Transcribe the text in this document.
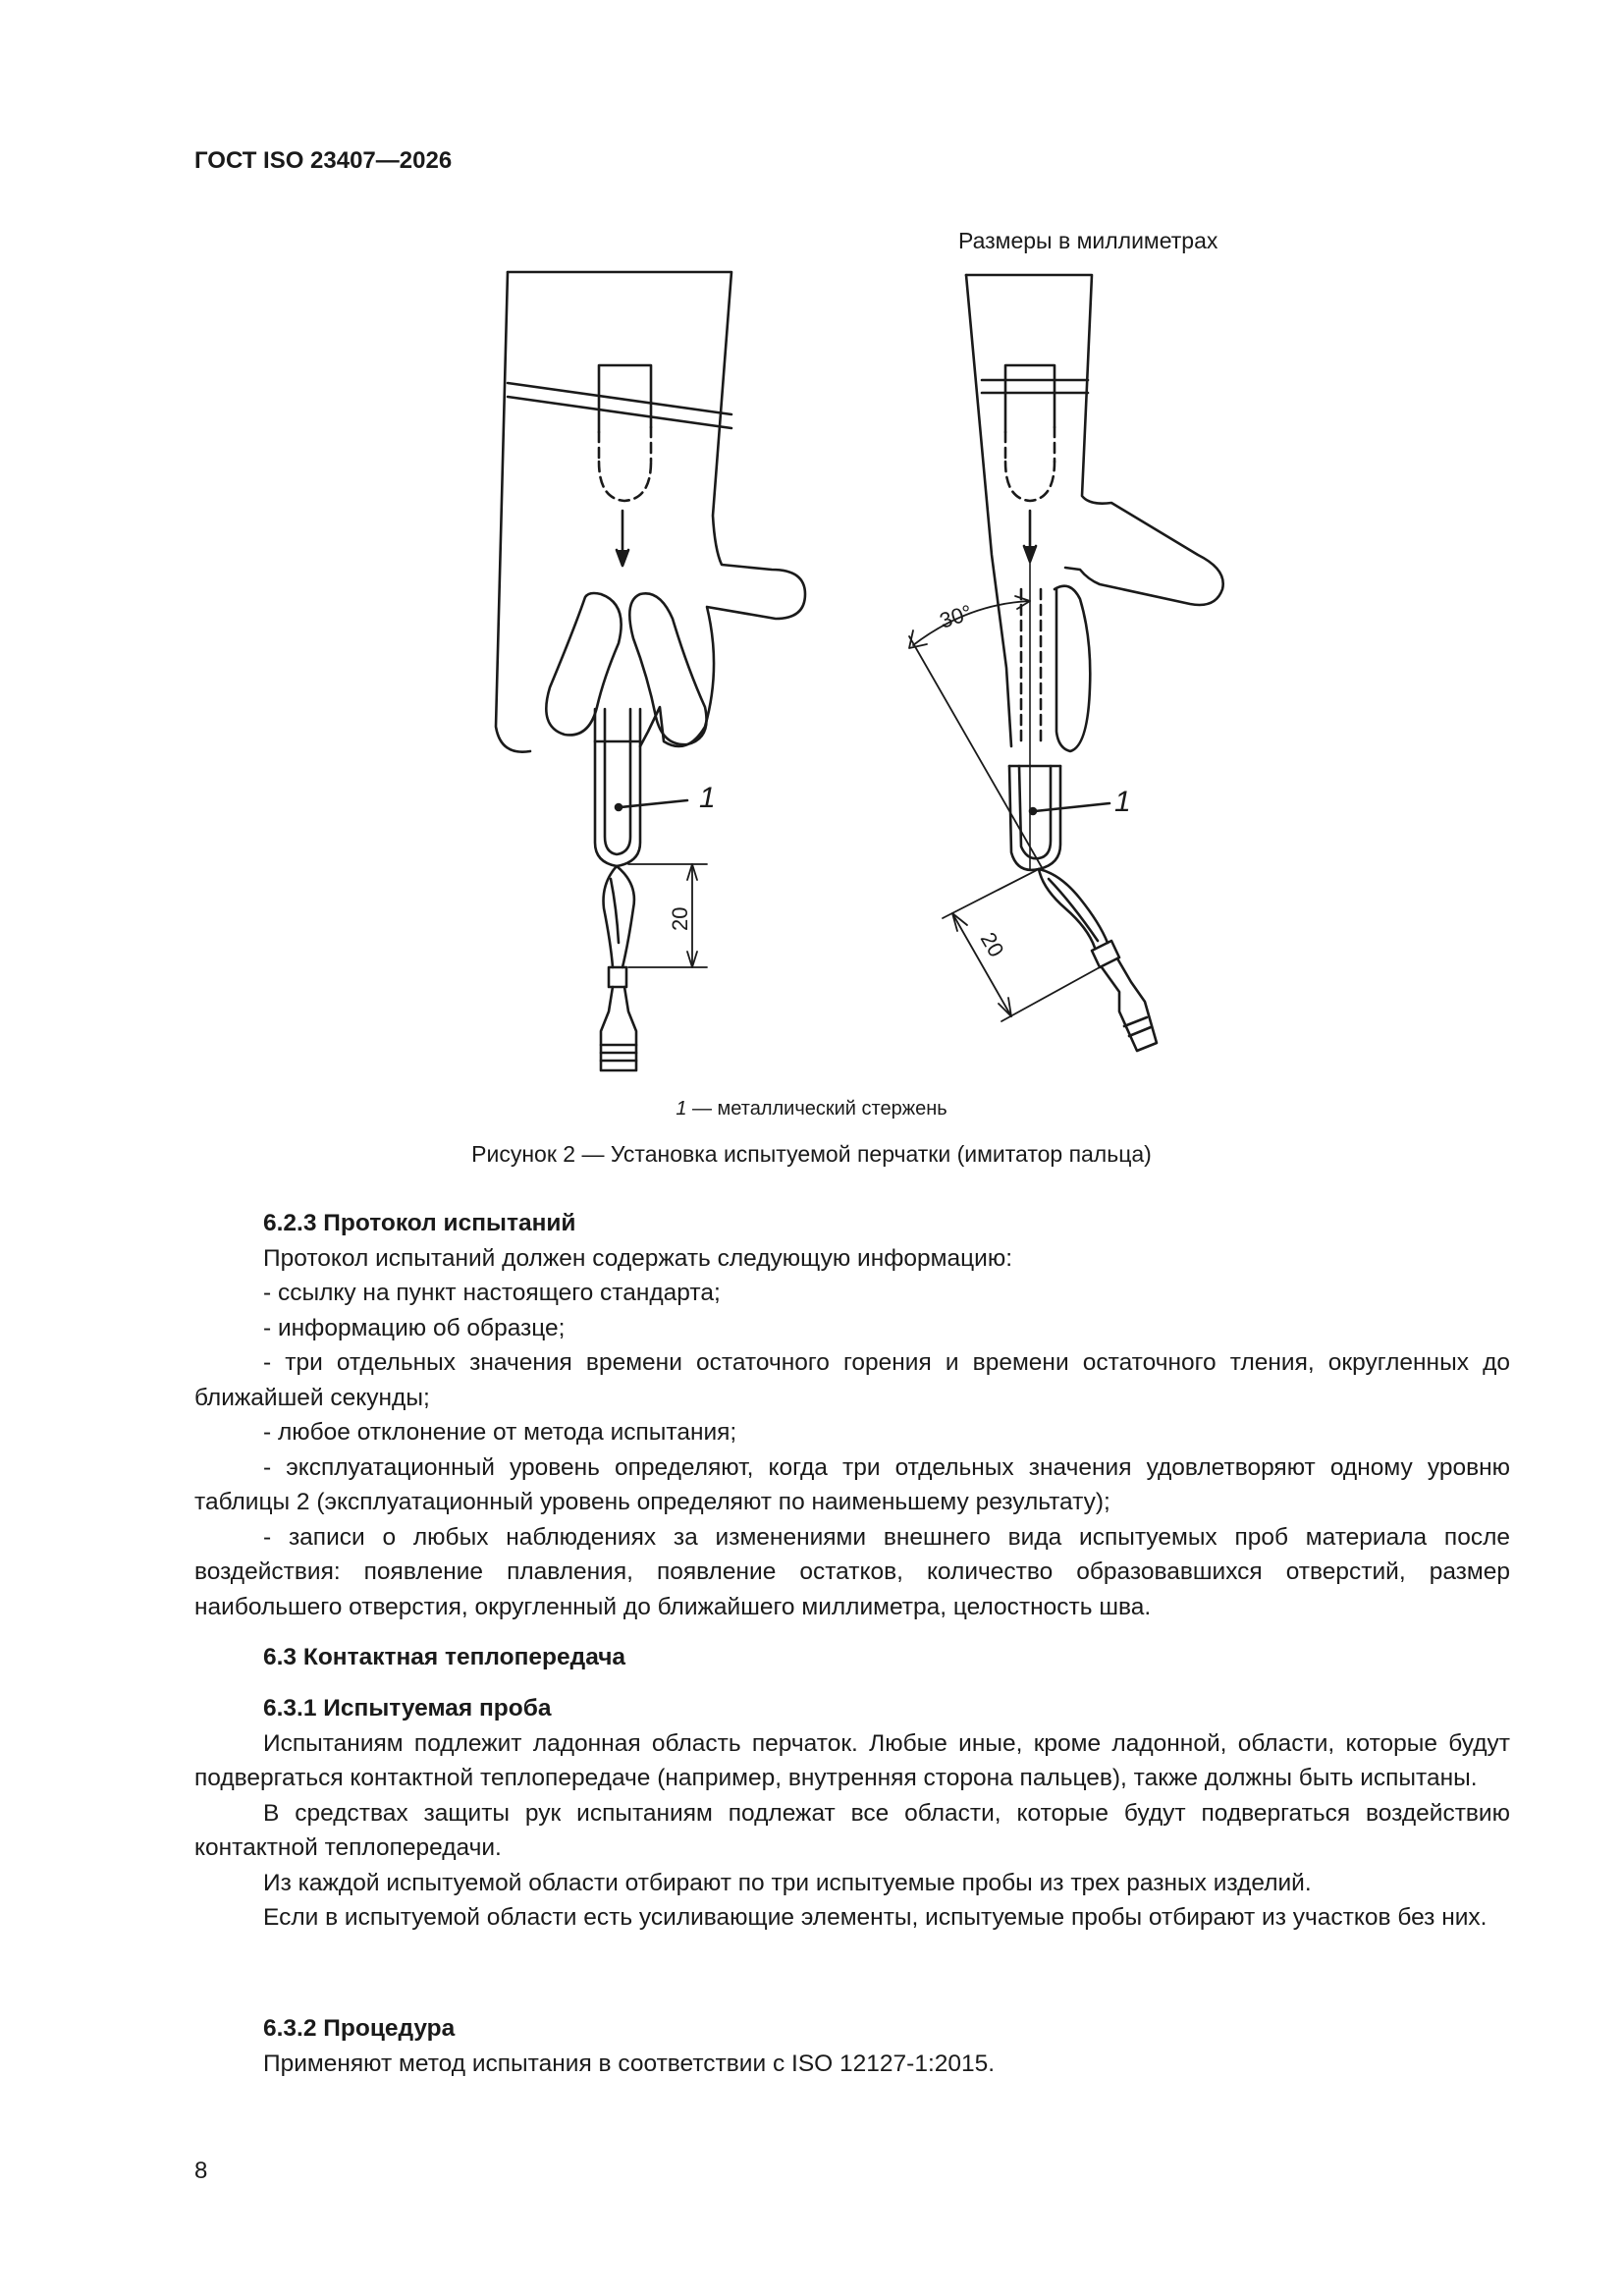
ГОСТ ISO 23407—2026
Размеры в миллиметрах
1	1
20
20
30°
1 — металлический стержень
Рисунок 2 — Установка испытуемой перчатки (имитатор пальца)

6.2.3 Протокол испытаний

Протокол испытаний должен содержать следующую информацию:

- ссылку на пункт настоящего стандарта;

- информацию об образце;

- три отдельных значения времени остаточного горения и времени остаточного тления, округленных до ближайшей секунды;

- любое отклонение от метода испытания;

- эксплуатационный уровень определяют, когда три отдельных значения удовлетворяют одному уровню таблицы 2 (эксплуатационный уровень определяют по наименьшему результату);

- записи о любых наблюдениях за изменениями внешнего вида испытуемых проб материала после воздействия: появление плавления, появление остатков, количество образовавшихся отверстий, размер наибольшего отверстия, округленный до ближайшего миллиметра, целостность шва.

6.3 Контактная теплопередача

6.3.1 Испытуемая проба

Испытаниям подлежит ладонная область перчаток. Любые иные, кроме ладонной, области, которые будут подвергаться контактной теплопередаче (например, внутренняя сторона пальцев), также должны быть испытаны.

В средствах защиты рук испытаниям подлежат все области, которые будут подвергаться воздействию контактной теплопередачи.

Из каждой испытуемой области отбирают по три испытуемые пробы из трех разных изделий.

Если в испытуемой области есть усиливающие элементы, испытуемые пробы отбирают из участков без них.

6.3.2 Процедура

Применяют метод испытания в соответствии с ISO 12127-1:2015.

8
